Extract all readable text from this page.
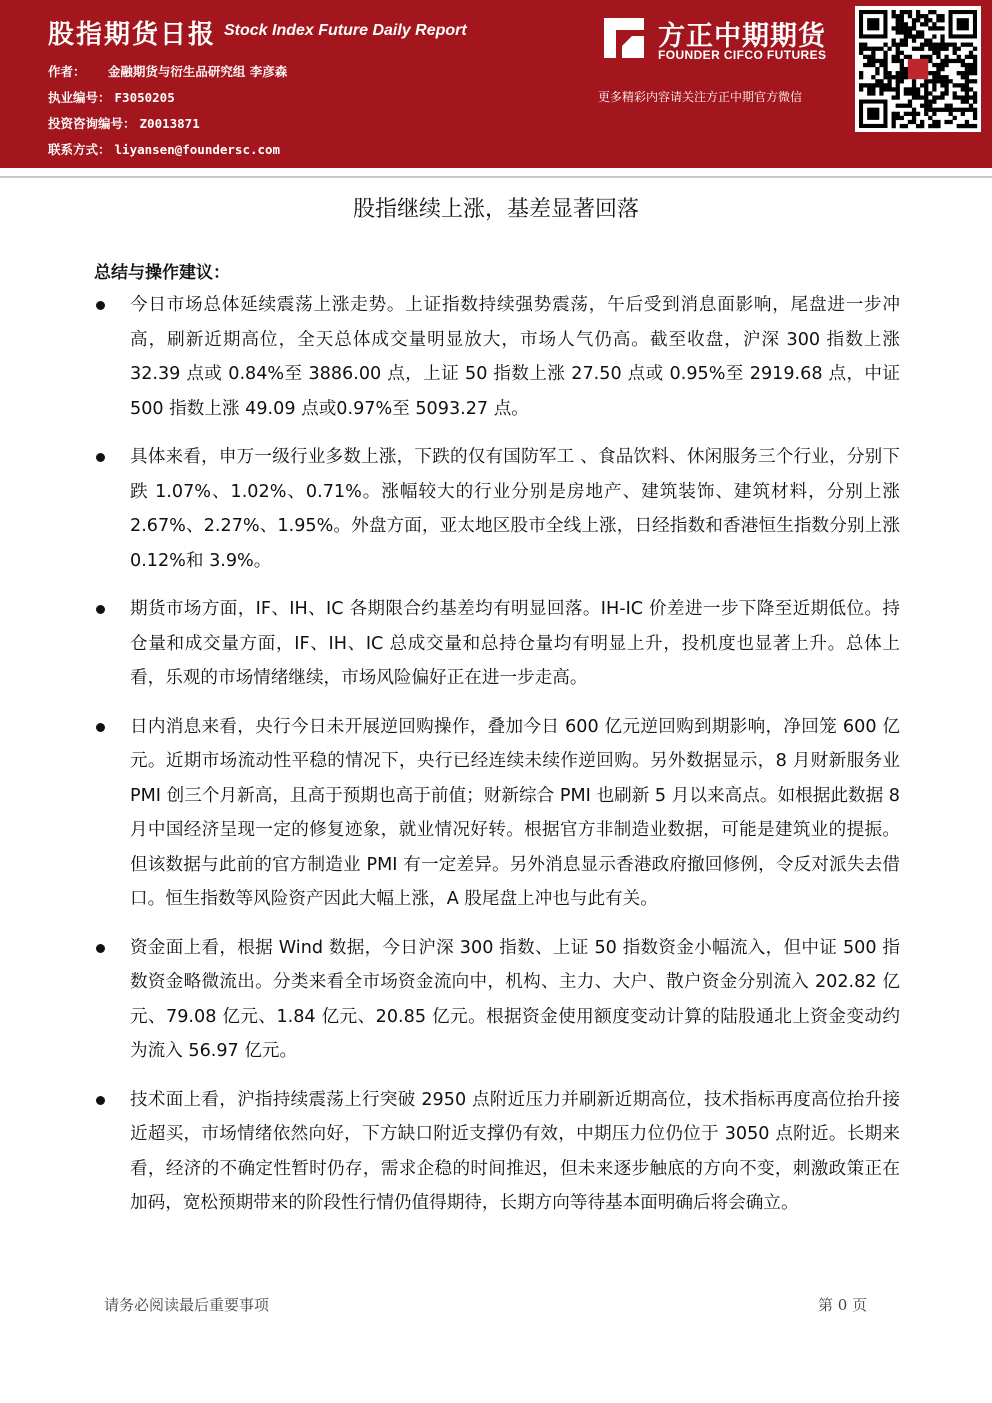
股指期货日报 Stock Index Future Daily Report
作者： 金融期货与衍生品研究组 李彦森
执业编号： F3050205
投资咨询编号： Z0013871
联系方式： liyansen@foundersc.com
方正中期期货
FOUNDER CIFCO FUTURES
更多精彩内容请关注方正中期官方微信
股指继续上涨，基差显著回落
总结与操作建议：
今日市场总体延续震荡上涨走势。上证指数持续强势震荡，午后受到消息面影响，尾盘进一步冲高，刷新近期高位，全天总体成交量明显放大，市场人气仍高。截至收盘，沪深 300 指数上涨 32.39 点或 0.84%至 3886.00 点，上证 50 指数上涨 27.50 点或 0.95%至 2919.68 点，中证 500 指数上涨 49.09 点或0.97%至 5093.27 点。
具体来看，申万一级行业多数上涨，下跌的仅有国防军工 、食品饮料、休闲服务三个行业，分别下跌 1.07%、1.02%、0.71%。涨幅较大的行业分别是房地产、建筑装饰、建筑材料，分别上涨 2.67%、2.27%、1.95%。外盘方面，亚太地区股市全线上涨，日经指数和香港恒生指数分别上涨 0.12%和 3.9%。
期货市场方面，IF、IH、IC 各期限合约基差均有明显回落。IH-IC 价差进一步下降至近期低位。持仓量和成交量方面，IF、IH、IC 总成交量和总持仓量均有明显上升，投机度也显著上升。总体上看，乐观的市场情绪继续，市场风险偏好正在进一步走高。
日内消息来看，央行今日未开展逆回购操作，叠加今日 600 亿元逆回购到期影响，净回笼 600 亿元。近期市场流动性平稳的情况下，央行已经连续未续作逆回购。另外数据显示，8 月财新服务业 PMI 创三个月新高，且高于预期也高于前值；财新综合 PMI 也刷新 5 月以来高点。如根据此数据 8 月中国经济呈现一定的修复迹象，就业情况好转。根据官方非制造业数据，可能是建筑业的提振。但该数据与此前的官方制造业 PMI 有一定差异。另外消息显示香港政府撤回修例，令反对派失去借口。恒生指数等风险资产因此大幅上涨，A 股尾盘上冲也与此有关。
资金面上看，根据 Wind 数据，今日沪深 300 指数、上证 50 指数资金小幅流入，但中证 500 指数资金略微流出。分类来看全市场资金流向中，机构、主力、大户、散户资金分别流入 202.82 亿元、79.08 亿元、1.84 亿元、20.85 亿元。根据资金使用额度变动计算的陆股通北上资金变动约为流入 56.97 亿元。
技术面上看，沪指持续震荡上行突破 2950 点附近压力并刷新近期高位，技术指标再度高位抬升接近超买，市场情绪依然向好，下方缺口附近支撑仍有效，中期压力位仍位于 3050 点附近。长期来看，经济的不确定性暂时仍存，需求企稳的时间推迟，但未来逐步触底的方向不变，刺激政策正在加码，宽松预期带来的阶段性行情仍值得期待，长期方向等待基本面明确后将会确立。
请务必阅读最后重要事项	第 0 页
